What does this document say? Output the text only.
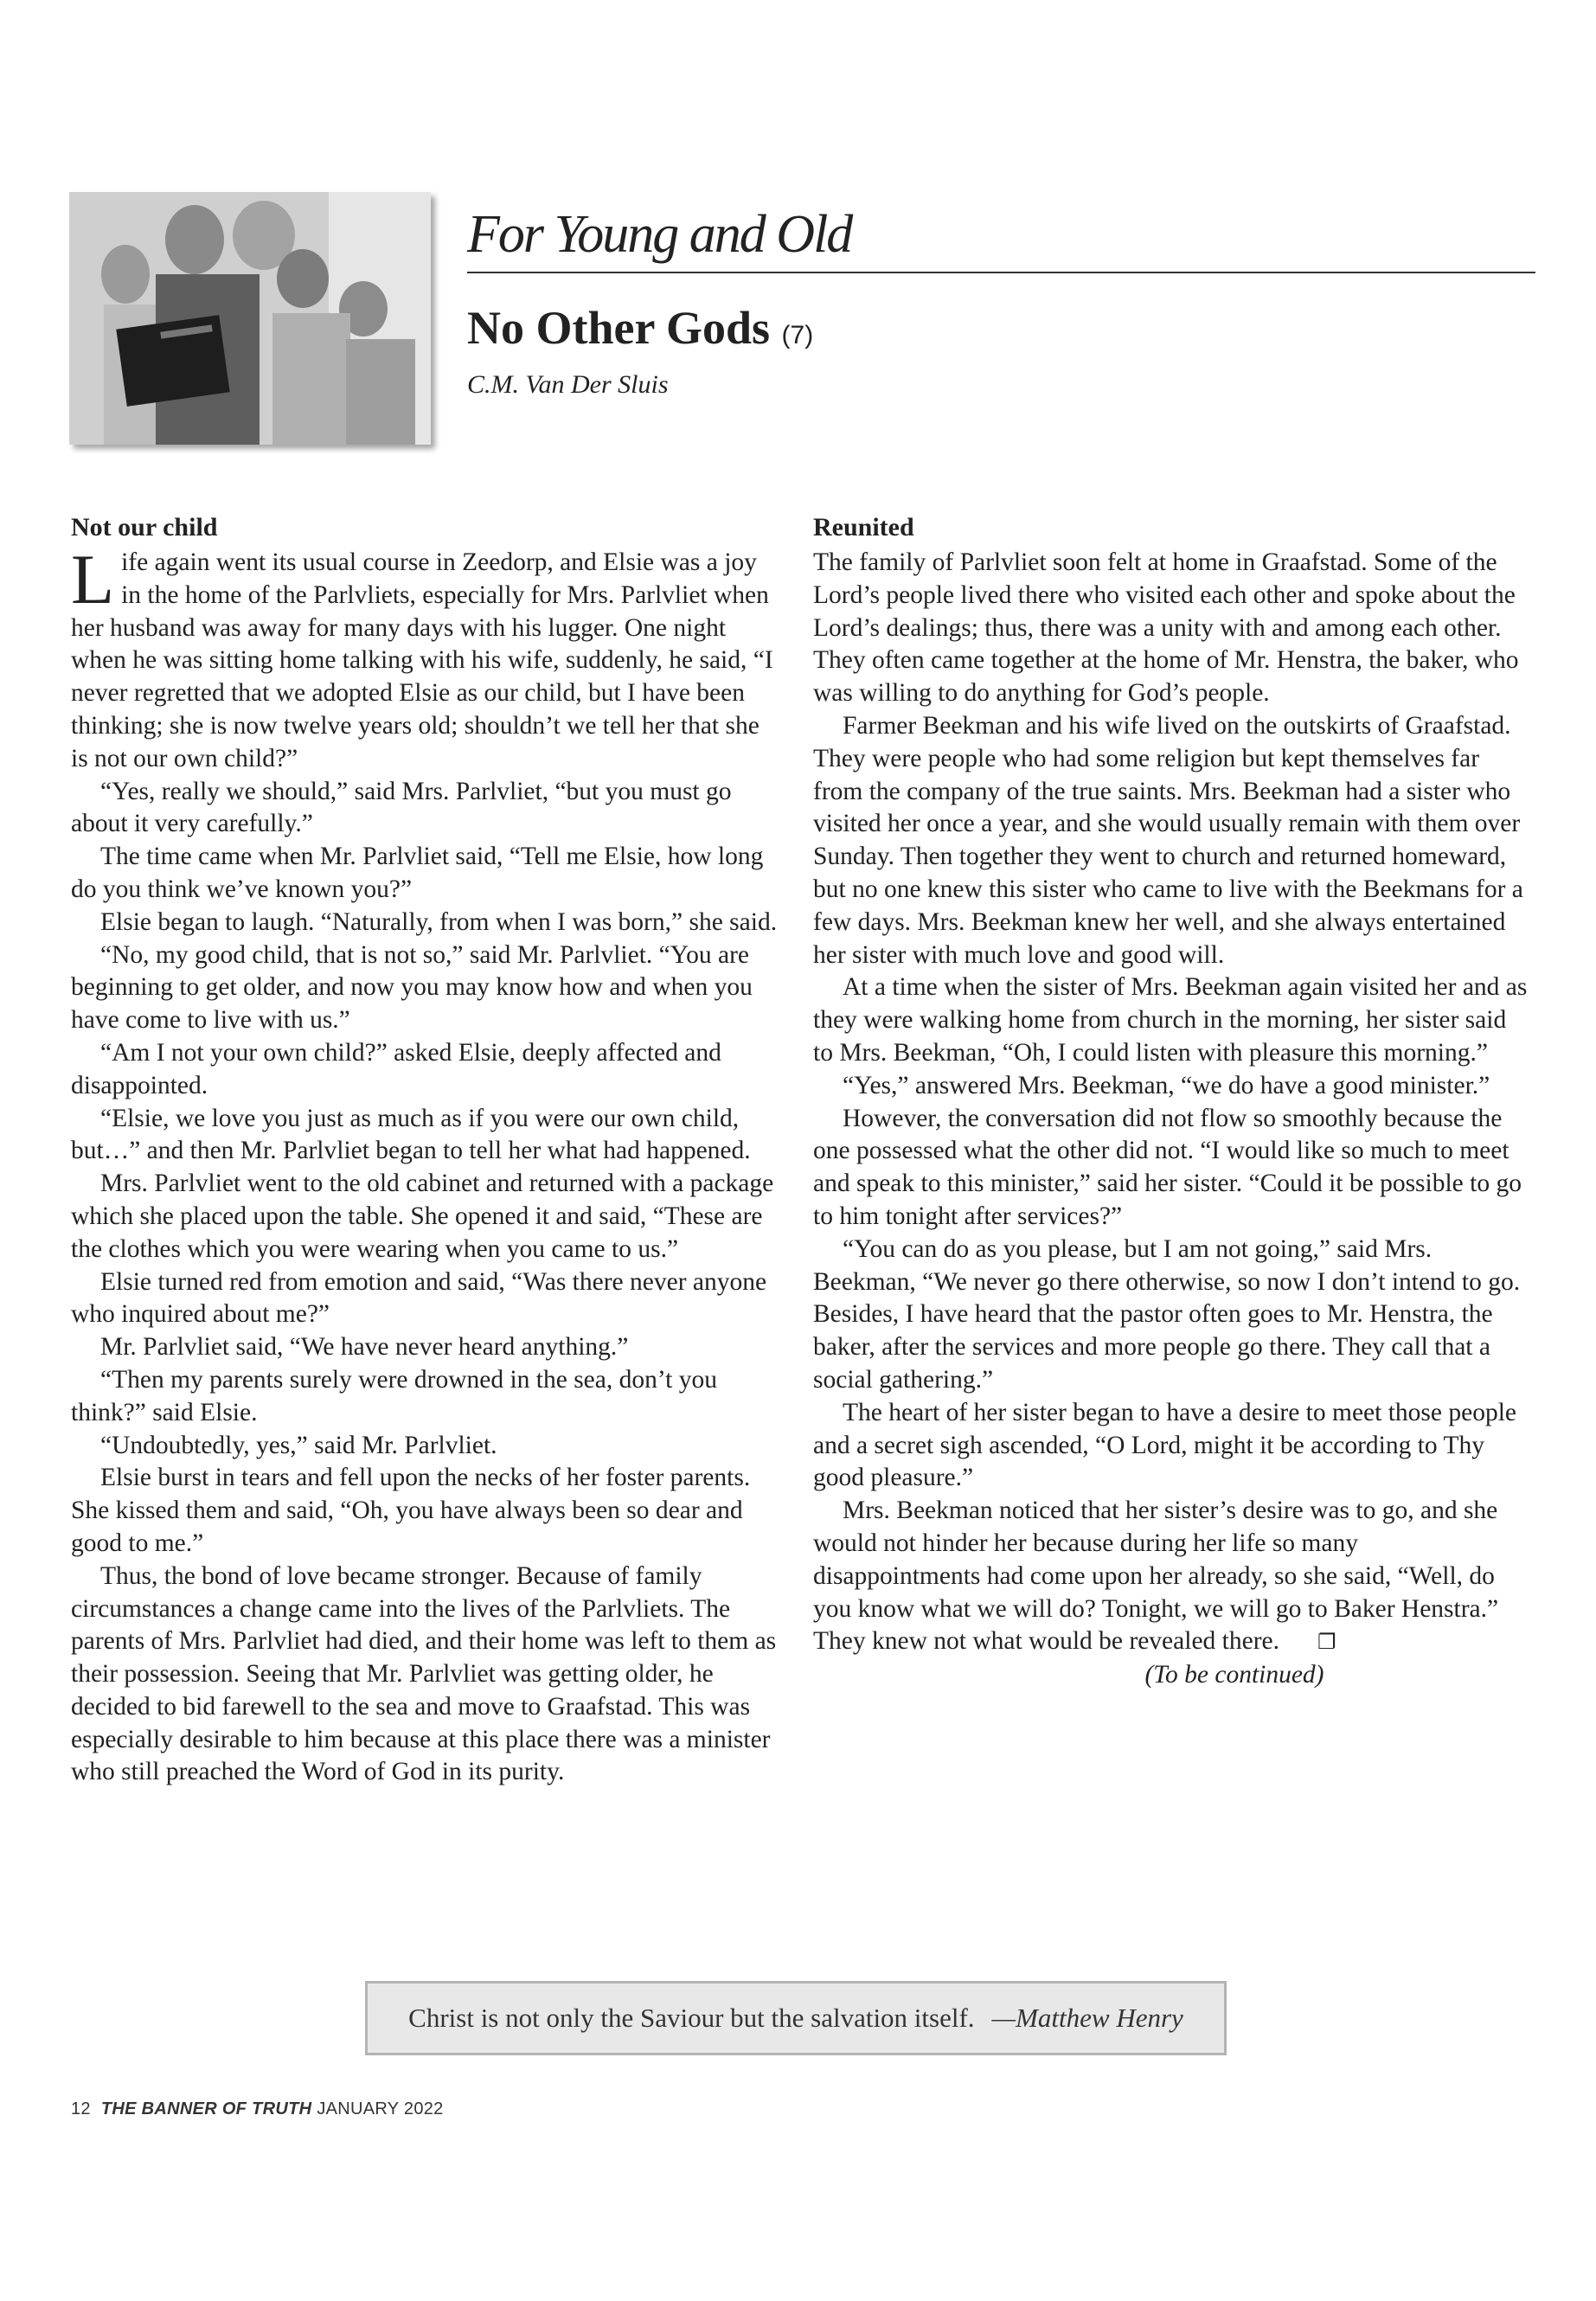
For Young and Old
No Other Gods (7)
C.M. Van Der Sluis
Not our child

Life again went its usual course in Zeedorp, and Elsie was a joy in the home of the Parlvliets, especially for Mrs. Parlvliet when her husband was away for many days with his lugger. One night when he was sitting home talking with his wife, suddenly, he said, “I never regretted that we adopted Elsie as our child, but I have been thinking; she is now twelve years old; shouldn’t we tell her that she is not our own child?”

“Yes, really we should,” said Mrs. Parlvliet, “but you must go about it very carefully.”

The time came when Mr. Parlvliet said, “Tell me Elsie, how long do you think we’ve known you?”

Elsie began to laugh. “Naturally, from when I was born,” she said.

“No, my good child, that is not so,” said Mr. Parlvliet. “You are beginning to get older, and now you may know how and when you have come to live with us.”

“Am I not your own child?” asked Elsie, deeply affected and disappointed.

“Elsie, we love you just as much as if you were our own child, but…” and then Mr. Parlvliet began to tell her what had happened.

Mrs. Parlvliet went to the old cabinet and returned with a package which she placed upon the table. She opened it and said, “These are the clothes which you were wearing when you came to us.”

Elsie turned red from emotion and said, “Was there never anyone who inquired about me?”

Mr. Parlvliet said, “We have never heard anything.”

“Then my parents surely were drowned in the sea, don’t you think?” said Elsie.

“Undoubtedly, yes,” said Mr. Parlvliet.

Elsie burst in tears and fell upon the necks of her foster parents. She kissed them and said, “Oh, you have always been so dear and good to me.”

Thus, the bond of love became stronger. Because of family circumstances a change came into the lives of the Parlvliets. The parents of Mrs. Parlvliet had died, and their home was left to them as their possession. Seeing that Mr. Parlvliet was getting older, he decided to bid farewell to the sea and move to Graafstad. This was especially desirable to him because at this place there was a minister who still preached the Word of God in its purity.

Reunited

The family of Parlvliet soon felt at home in Graafstad. Some of the Lord’s people lived there who visited each other and spoke about the Lord’s dealings; thus, there was a unity with and among each other. They often came together at the home of Mr. Henstra, the baker, who was willing to do anything for God’s people.

Farmer Beekman and his wife lived on the outskirts of Graafstad. They were people who had some religion but kept themselves far from the company of the true saints. Mrs. Beekman had a sister who visited her once a year, and she would usually remain with them over Sunday. Then together they went to church and returned homeward, but no one knew this sister who came to live with the Beekmans for a few days. Mrs. Beekman knew her well, and she always entertained her sister with much love and good will.

At a time when the sister of Mrs. Beekman again visited her and as they were walking home from church in the morning, her sister said to Mrs. Beekman, “Oh, I could listen with pleasure this morning.”

“Yes,” answered Mrs. Beekman, “we do have a good minister.”

However, the conversation did not flow so smoothly because the one possessed what the other did not. “I would like so much to meet and speak to this minister,” said her sister. “Could it be possible to go to him tonight after services?”

“You can do as you please, but I am not going,” said Mrs. Beekman, “We never go there otherwise, so now I don’t intend to go. Besides, I have heard that the pastor often goes to Mr. Henstra, the baker, after the services and more people go there. They call that a social gathering.”

The heart of her sister began to have a desire to meet those people and a secret sigh ascended, “O Lord, might it be according to Thy good pleasure.”

Mrs. Beekman noticed that her sister’s desire was to go, and she would not hinder her because during her life so many disappointments had come upon her already, so she said, “Well, do you know what we will do? Tonight, we will go to Baker Henstra.” They knew not what would be revealed there. ❐

(To be continued)

Christ is not only the Saviour but the salvation itself. —Matthew Henry
12 THE BANNER OF TRUTH JANUARY 2022
